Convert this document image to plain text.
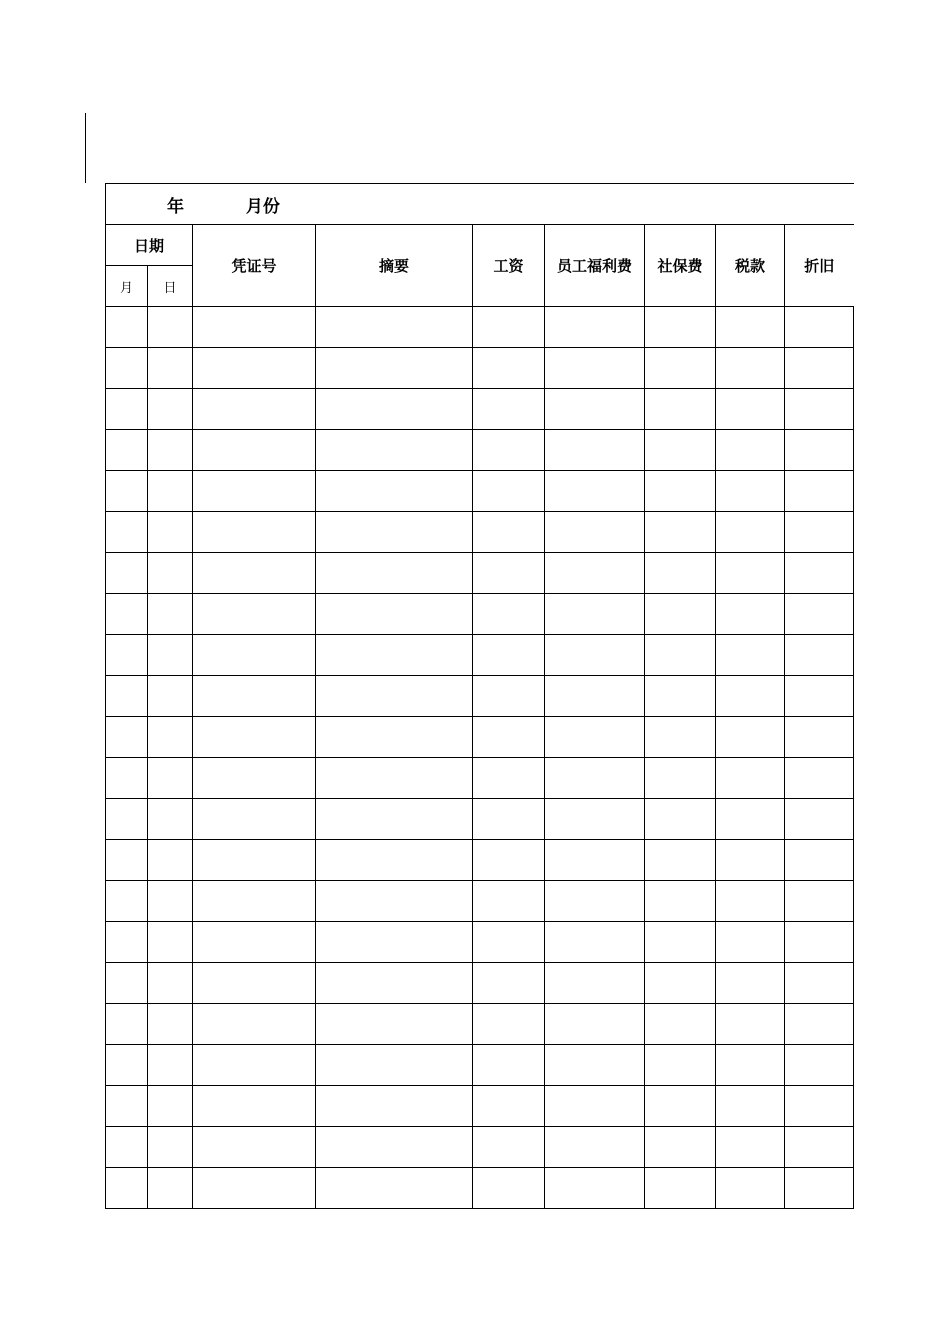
年 月份								
日期		凭证号	摘要	工资	员工福利费	社保费	税款	折旧
月	日							
